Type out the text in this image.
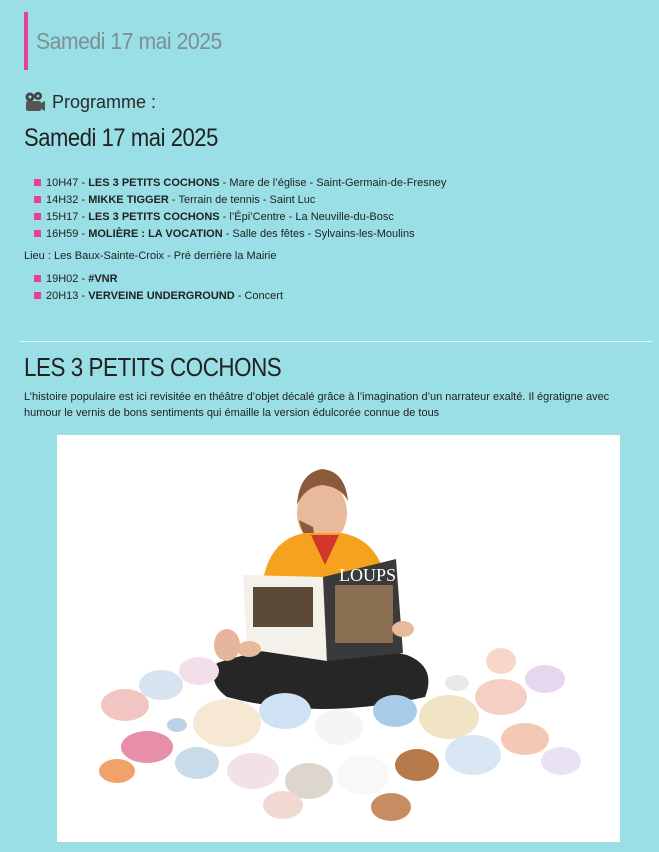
Samedi 17 mai 2025
Programme :
Samedi 17 mai 2025
10H47 - LES 3 PETITS COCHONS - Mare de l’église - Saint-Germain-de-Fresney
14H32 - MIKKE TIGGER - Terrain de tennis - Saint Luc
15H17 - LES 3 PETITS COCHONS - l’Épi’Centre - La Neuville-du-Bosc
16H59 - MOLIÈRE : LA VOCATION - Salle des fêtes - Sylvains-les-Moulins
Lieu : Les Baux-Sainte-Croix - Pré derrière la Mairie
19H02 - #VNR
20H13 - VERVEINE UNDERGROUND - Concert
LES 3 PETITS COCHONS
L’histoire populaire est ici revisitée en théâtre d’objet décalé grâce à l’imagination d’un narrateur exalté. Il égratigne avec humour le vernis de bons sentiments qui émaille la version édulcorée connue de tous
LOUPS
